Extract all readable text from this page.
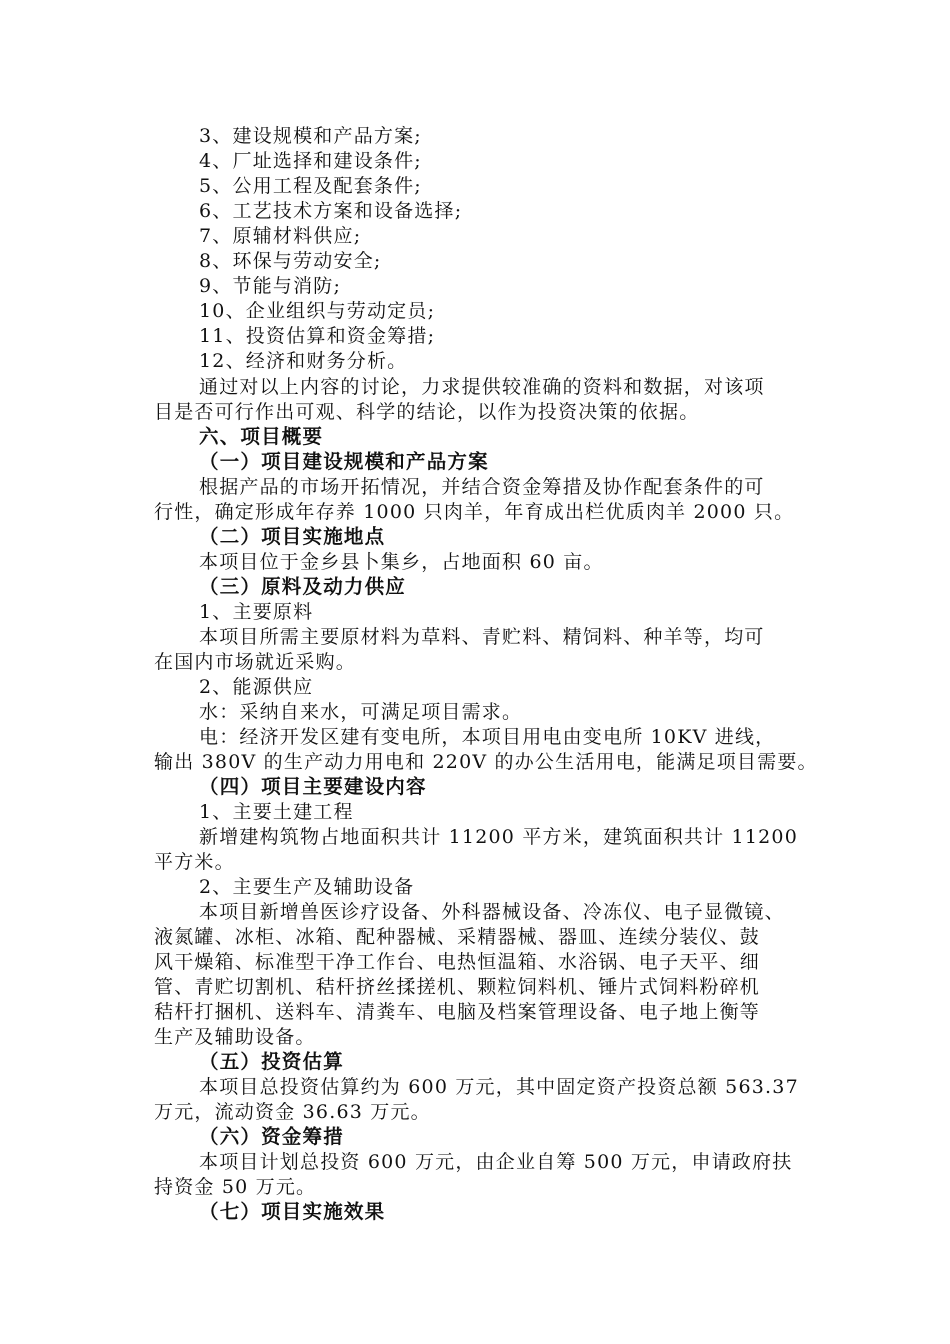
3、建设规模和产品方案;
4、厂址选择和建设条件;
5、公用工程及配套条件;
6、工艺技术方案和设备选择;
7、原辅材料供应;
8、环保与劳动安全;
9、节能与消防;
10、企业组织与劳动定员;
11、投资估算和资金筹措;
12、经济和财务分析。
通过对以上内容的讨论，力求提供较准确的资料和数据，对该项
目是否可行作出可观、科学的结论，以作为投资决策的依据。
六、项目概要
（一）项目建设规模和产品方案
根据产品的市场开拓情况，并结合资金筹措及协作配套条件的可
行性，确定形成年存养 1000 只肉羊，年育成出栏优质肉羊 2000 只。
（二）项目实施地点
本项目位于金乡县卜集乡，占地面积 60 亩。
（三）原料及动力供应
1、主要原料
本项目所需主要原材料为草料、青贮料、精饲料、种羊等，均可
在国内市场就近采购。
2、能源供应
水：采纳自来水，可满足项目需求。
电：经济开发区建有变电所，本项目用电由变电所 10KV 进线，
输出 380V 的生产动力用电和 220V 的办公生活用电，能满足项目需要。
（四）项目主要建设内容
1、主要土建工程
新增建构筑物占地面积共计 11200 平方米，建筑面积共计 11200
平方米。
2、主要生产及辅助设备
本项目新增兽医诊疗设备、外科器械设备、冷冻仪、电子显微镜、
液氮罐、冰柜、冰箱、配种器械、采精器械、器皿、连续分装仪、鼓
风干燥箱、标准型干净工作台、电热恒温箱、水浴锅、电子天平、细
管、青贮切割机、秸杆挤丝揉搓机、颗粒饲料机、锤片式饲料粉碎机
秸杆打捆机、送料车、清粪车、电脑及档案管理设备、电子地上衡等
生产及辅助设备。
（五）投资估算
本项目总投资估算约为 600 万元，其中固定资产投资总额 563.37
万元，流动资金 36.63 万元。
（六）资金筹措
本项目计划总投资 600 万元，由企业自筹 500 万元，申请政府扶
持资金 50 万元。
（七）项目实施效果
